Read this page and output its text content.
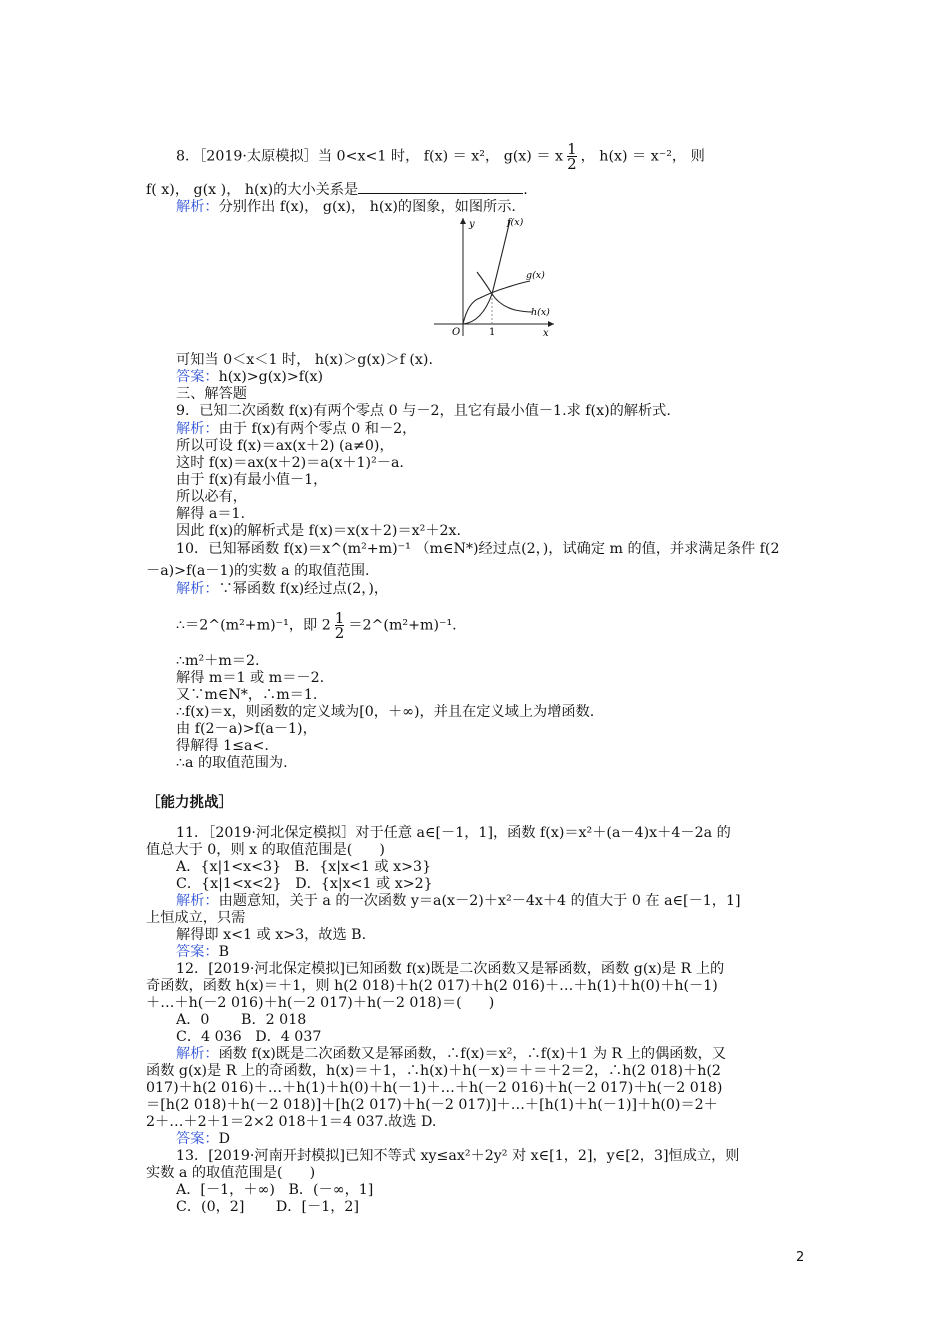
8．［2019·太原模拟］当 0<x<1 时， f(x) ＝ x²， g(x) ＝ x $\frac{1}{2}$ ， h(x) ＝ x⁻²， 则
f( x)， g(x )， h(x)的大小关系是	.
解析：分别作出 f(x)， g(x)， h(x)的图象，如图所示.
y
x
O	1
f(x)
g(x)
h(x)
可知当 0＜x＜1 时， h(x)＞g(x)＞f (x).
答案：h(x)>g(x)>f(x)
三、解答题
9．已知二次函数 f(x)有两个零点 0 与－2，且它有最小值－1.求 f(x)的解析式.
解析：由于 f(x)有两个零点 0 和－2，
所以可设 f(x)＝ax(x＋2) (a≠0)，
这时 f(x)＝ax(x＋2)＝a(x＋1)²－a.
由于 f(x)有最小值－1，
所以必有，
解得 a＝1.
因此 f(x)的解析式是 f(x)＝x(x＋2)＝x²＋2x.
10．已知幂函数 f(x)＝x^(m²+m)⁻¹ （m∈N*)经过点(2，)，试确定 m 的值，并求满足条件 f(2
－a)>f(a－1)的实数 a 的取值范围.
解析：∵幂函数 f(x)经过点(2，)，
∴＝2^(m²+m)⁻¹，即 $2 \frac{1}{2}$ ＝2^(m²+m)⁻¹.
∴m²＋m＝2.
解得 m＝1 或 m＝－2.
又∵m∈N*，∴m＝1.
∴f(x)＝x，则函数的定义域为[0，＋∞)，并且在定义域上为增函数.
由 f(2－a)>f(a－1)，
得解得 1≤a<.
∴a 的取值范围为.
［能力挑战］
11．［2019·河北保定模拟］对于任意 a∈[－1，1]，函数 f(x)＝x²＋(a－4)x＋4－2a 的
值总大于 0，则 x 的取值范围是(      )
A．{x|1<x<3}   B．{x|x<1 或 x>3}
C．{x|1<x<2}   D．{x|x<1 或 x>2}
解析：由题意知，关于 a 的一次函数 y＝a(x－2)＋x²－4x＋4 的值大于 0 在 a∈[－1，1]
上恒成立，只需
解得即 x<1 或 x>3，故选 B.
答案：B
12．[2019·河北保定模拟]已知函数 f(x)既是二次函数又是幂函数，函数 g(x)是 R 上的
奇函数，函数 h(x)＝＋1，则 h(2 018)＋h(2 017)＋h(2 016)＋…＋h(1)＋h(0)＋h(－1)
＋…＋h(－2 016)＋h(－2 017)＋h(－2 018)＝(      )
A．0       B．2 018
C．4 036   D．4 037
解析：函数 f(x)既是二次函数又是幂函数，∴f(x)＝x²，∴f(x)＋1 为 R 上的偶函数，又
函数 g(x)是 R 上的奇函数，h(x)＝＋1，∴h(x)＋h(－x)＝＋＝＋2＝2，∴h(2 018)＋h(2
017)＋h(2 016)＋…＋h(1)＋h(0)＋h(－1)＋…＋h(－2 016)＋h(－2 017)＋h(－2 018)
＝[h(2 018)＋h(－2 018)]＋[h(2 017)＋h(－2 017)]＋…＋[h(1)＋h(－1)]＋h(0)＝2＋
2＋…＋2＋1＝2×2 018＋1＝4 037.故选 D.
答案：D
13．[2019·河南开封模拟]已知不等式 xy≤ax²＋2y² 对 x∈[1，2]，y∈[2，3]恒成立，则
实数 a 的取值范围是(      )
A．[－1，＋∞)   B．(－∞，1]
C．(0，2]       D．[－1，2]
2
